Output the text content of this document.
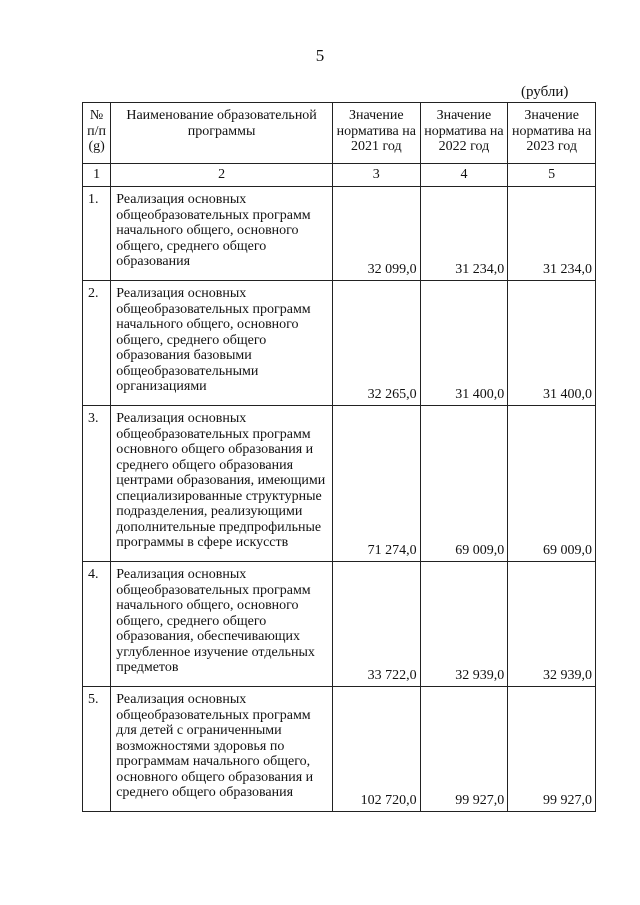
5
(рубли)
№ п/п (g)	Наименование образовательной программы	Значение норматива на 2021 год	Значение норматива на 2022 год	Значение норматива на 2023 год
1	2	3	4	5
1.	Реализация основных общеобразовательных программ начального общего, основного общего, среднего общего образования	32 099,0	31 234,0	31 234,0
2.	Реализация основных общеобразовательных программ начального общего, основного общего, среднего общего образования базовыми общеобразовательными организациями	32 265,0	31 400,0	31 400,0
3.	Реализация основных общеобразовательных программ основного общего образования и среднего общего образования центрами образования, имеющими специализированные структурные подразделения, реализующими дополнительные предпрофильные программы в сфере искусств	71 274,0	69 009,0	69 009,0
4.	Реализация основных общеобразовательных программ начального общего, основного общего, среднего общего образования, обеспечивающих углубленное изучение отдельных предметов	33 722,0	32 939,0	32 939,0
5.	Реализация основных общеобразовательных программ для детей с ограниченными возможностями здоровья по программам начального общего, основного общего образования и среднего общего образования	102 720,0	99 927,0	99 927,0
